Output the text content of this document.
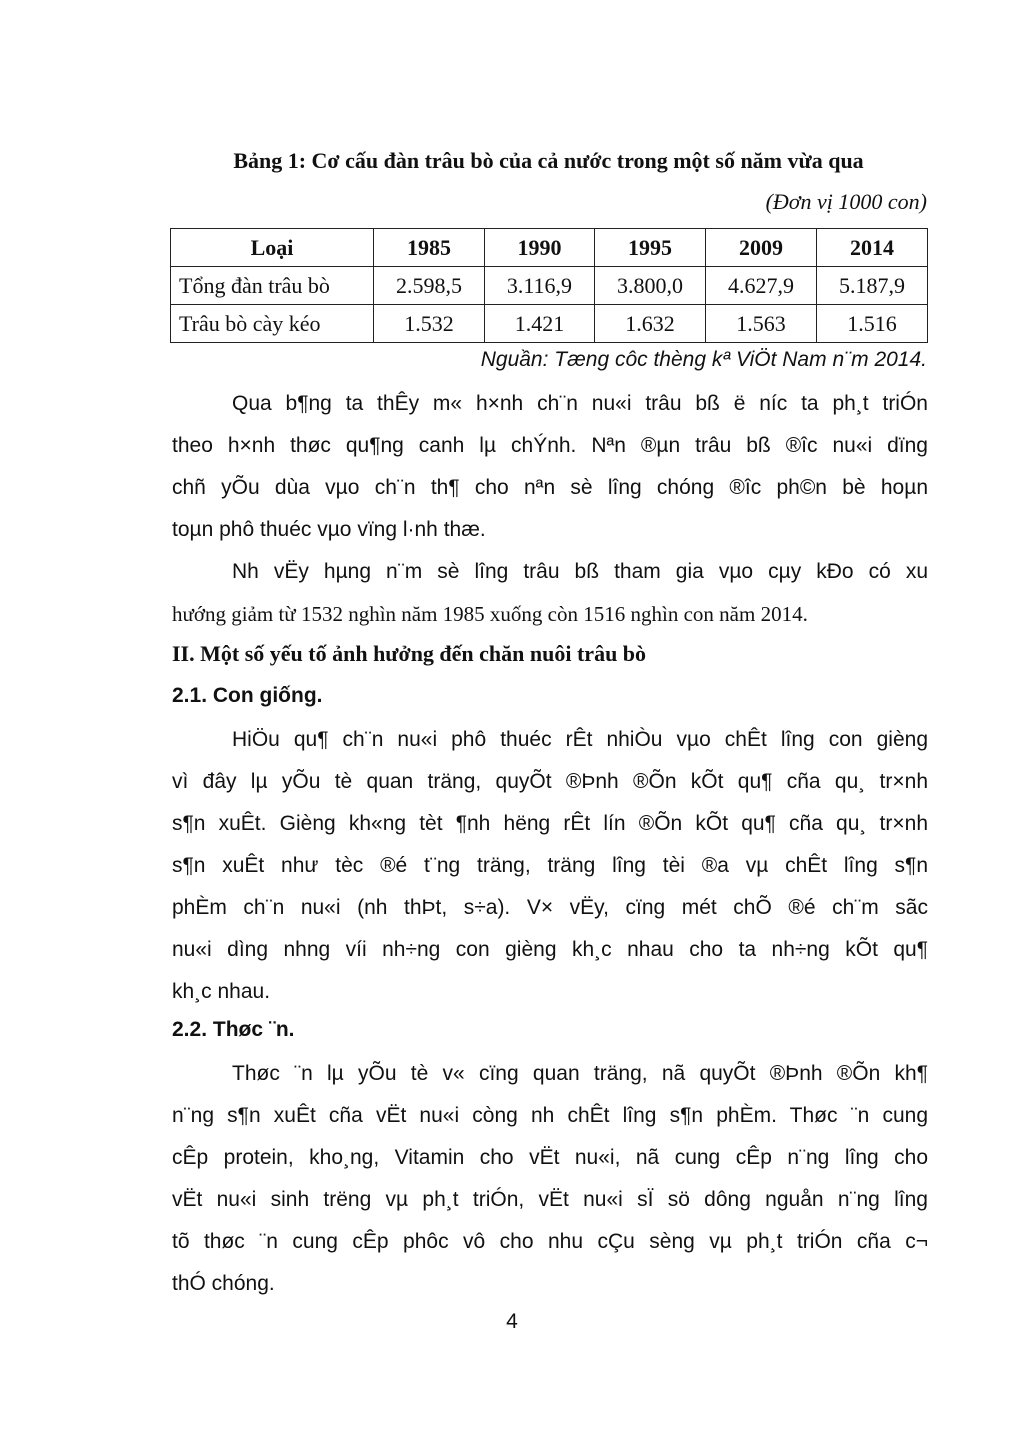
Bảng 1: Cơ cấu đàn trâu bò của cả nước trong một số năm vừa qua
(Đơn vị 1000 con)
Loại	1985	1990	1995	2009	2014
Tổng đàn trâu bò	2.598,5	3.116,9	3.800,0	4.627,9	5.187,9
Trâu bò cày kéo	1.532	1.421	1.632	1.563	1.516
Nguần: Tæng côc thèng kª ViÖt Nam n¨m 2014.
Qua b¶ng ta thÊy m« h×nh ch¨n nu«i trâu bß ë níc ta ph¸t triÓn
theo h×nh thøc qu¶ng canh lµ chÝnh. Nªn ®µn trâu bß ®îc nu«i dïng
chñ yÕu dùa vµo ch¨n th¶ cho nªn sè lîng chóng ®îc ph©n bè hoµn
toµn phô thuéc vµo vïng l·nh thæ.
Nh vËy hµng n¨m sè lîng trâu bß tham gia vµo cµy kÐo có xu
hướng giảm từ 1532 nghìn năm 1985 xuống còn 1516 nghìn con năm 2014.
II. Một số yếu tố ảnh hưởng đến chăn nuôi trâu bò
2.1. Con giống.
HiÖu qu¶ ch¨n nu«i phô thuéc rÊt nhiÒu vµo chÊt lîng con gièng
vì đây lµ yÕu tè quan träng, quyÕt ®Þnh ®Õn kÕt qu¶ cña qu¸ tr×nh
s¶n xuÊt. Gièng kh«ng tèt ¶nh hëng rÊt lín ®Õn kÕt qu¶ cña qu¸ tr×nh
s¶n xuÊt như tèc ®é t¨ng träng, träng lîng tèi ®a vµ chÊt lîng s¶n
phÈm ch¨n nu«i (nh thÞt, s÷a). V× vËy, cïng mét chÕ ®é ch¨m sãc
nu«i dìng nhng víi nh÷ng con gièng kh¸c nhau cho ta nh÷ng kÕt qu¶
kh¸c nhau.
2.2. Thøc ¨n.
Thøc ¨n lµ yÕu tè v« cïng quan träng, nã quyÕt ®Þnh ®Õn kh¶
n¨ng s¶n xuÊt cña vËt nu«i còng nh chÊt lîng s¶n phÈm. Thøc ¨n cung
cÊp protein, kho¸ng, Vitamin cho vËt nu«i, nã cung cÊp n¨ng lîng cho
vËt nu«i sinh trëng vµ ph¸t triÓn, vËt nu«i sÏ sö dông nguån n¨ng lîng
tõ thøc ¨n cung cÊp phôc vô cho nhu cÇu sèng vµ ph¸t triÓn cña c¬
thÓ chóng.
4
